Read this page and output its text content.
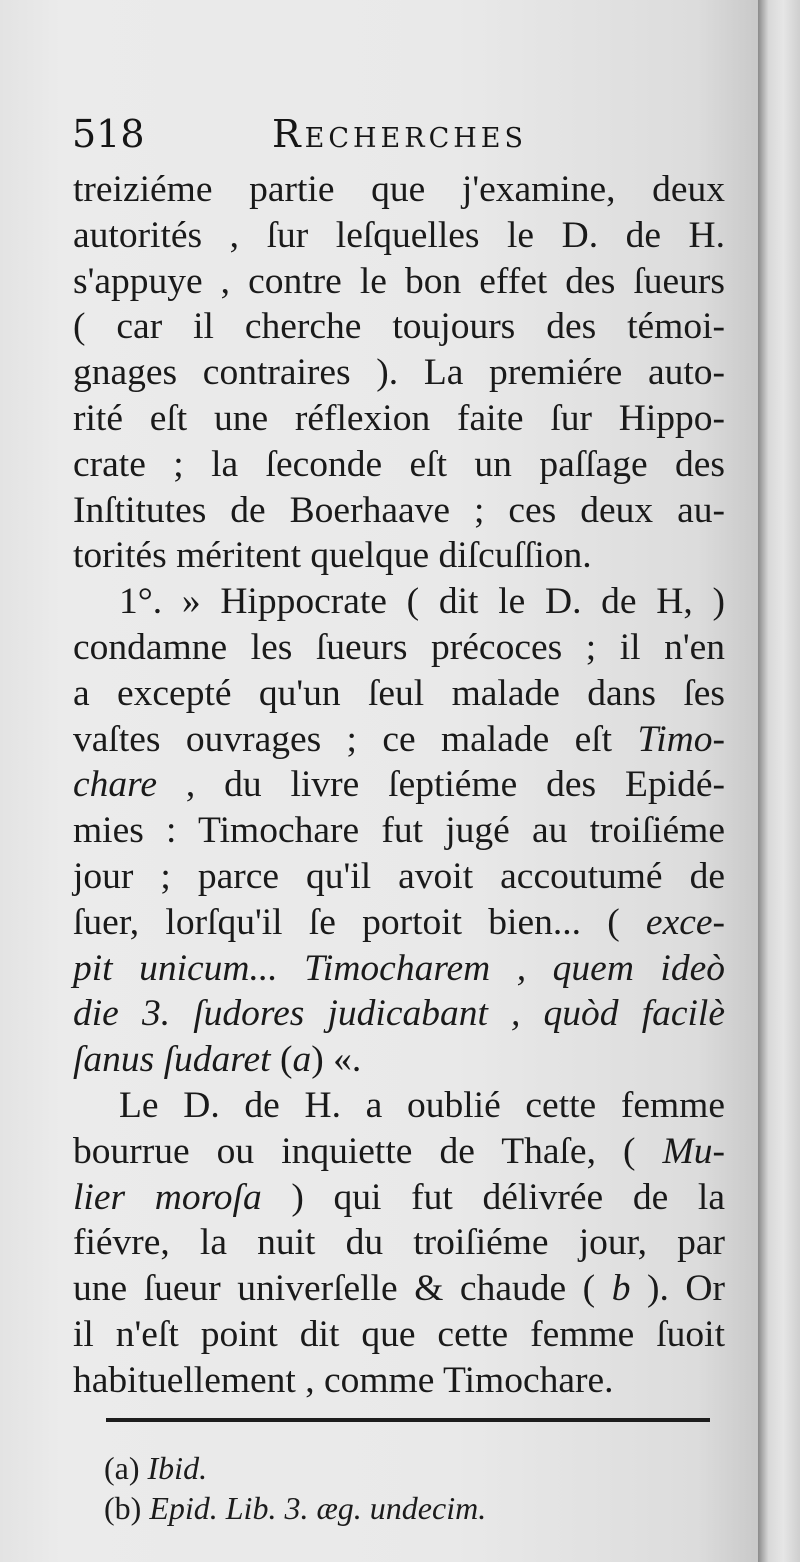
518	Recherches
treiziéme partie que j'examine, deux
autorités , ſur leſquelles le D. de H.
s'appuye , contre le bon effet des ſueurs
( car il cherche toujours des témoi-
gnages contraires ). La premiére auto-
rité eſt une réflexion faite ſur Hippo-
crate ; la ſeconde eſt un paſſage des
Inſtitutes de Boerhaave ; ces deux au-
torités méritent quelque diſcuſſion.
1°. » Hippocrate ( dit le D. de H, )
condamne les ſueurs précoces ; il n'en
a excepté qu'un ſeul malade dans ſes
vaſtes ouvrages ; ce malade eſt Timo-
chare , du livre ſeptiéme des Epidé-
mies : Timochare fut jugé au troiſiéme
jour ; parce qu'il avoit accoutumé de
ſuer, lorſqu'il ſe portoit bien... ( exce-
pit unicum... Timocharem , quem ideò
die 3. ſudores judicabant , quòd facilè
ſanus ſudaret (a) «.
Le D. de H. a oublié cette femme
bourrue ou inquiette de Thaſe, ( Mu-
lier moroſa ) qui fut délivrée de la
fiévre, la nuit du troiſiéme jour, par
une ſueur univerſelle & chaude ( b ). Or
il n'eſt point dit que cette femme ſuoit
habituellement , comme Timochare.
(a) Ibid.
(b) Epid. Lib. 3. æg. undecim.
